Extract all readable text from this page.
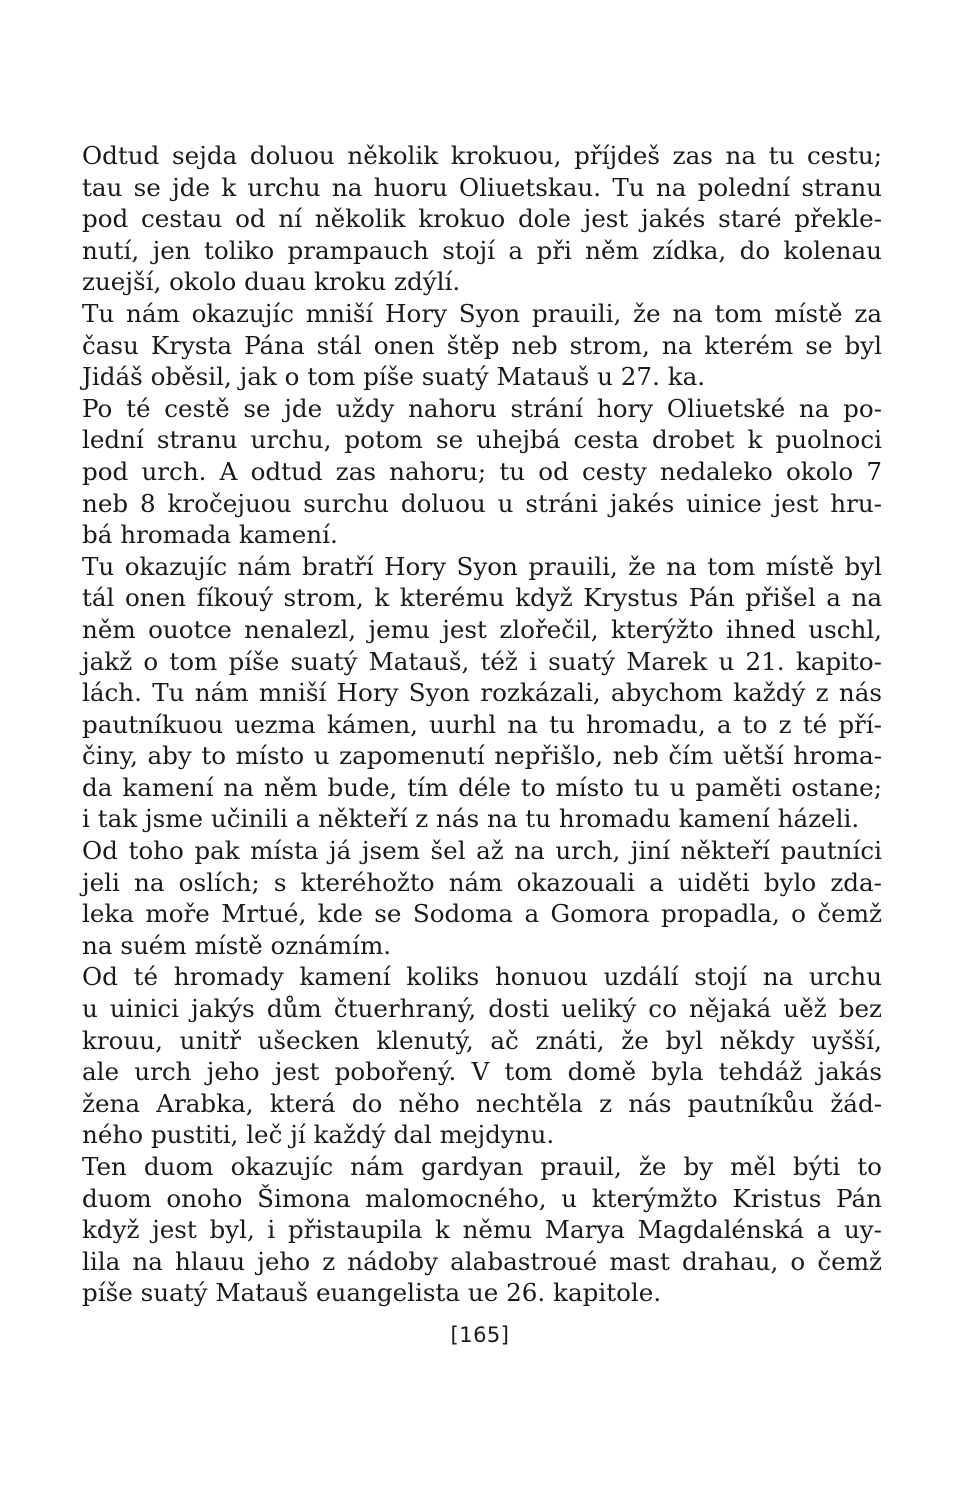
Odtud sejda doluou několik krokuou, příjdeš zas na tu cestu;
tau se jde k urchu na huoru Oliuetskau. Tu na polední stranu
pod cestau od ní několik krokuo dole jest jakés staré překle-
nutí, jen toliko prampauch stojí a při něm zídka, do kolenau
zuejší, okolo duau kroku zdýlí.

Tu nám okazujíc mniší Hory Syon prauili, že na tom místě za
času Krysta Pána stál onen štěp neb strom, na kterém se byl
Jidáš oběsil, jak o tom píše suatý Matauš u 27. ka.

Po té cestě se jde uždy nahoru strání hory Oliuetské na po-
lední stranu urchu, potom se uhejbá cesta drobet k puolnoci
pod urch. A odtud zas nahoru; tu od cesty nedaleko okolo 7
neb 8 kročejuou surchu doluou u stráni jakés uinice jest hru-
bá hromada kamení.

Tu okazujíc nám bratří Hory Syon prauili, že na tom místě byl
tál onen fíkouý strom, k kterému když Krystus Pán přišel a na
něm ouotce nenalezl, jemu jest zlořečil, kterýžto ihned uschl,
jakž o tom píše suatý Matauš, též i suatý Marek u 21. kapito-
lách. Tu nám mniší Hory Syon rozkázali, abychom každý z nás
pautníkuou uezma kámen, uurhl na tu hromadu, a to z té pří-
činy, aby to místo u zapomenutí nepřišlo, neb čím uětší hroma-
da kamení na něm bude, tím déle to místo tu u paměti ostane;
i tak jsme učinili a někteří z nás na tu hromadu kamení házeli.

Od toho pak místa já jsem šel až na urch, jiní někteří pautníci
jeli na oslích; s kteréhožto nám okazouali a uiděti bylo zda-
leka moře Mrtué, kde se Sodoma a Gomora propadla, o čemž
na suém místě oznámím.

Od té hromady kamení koliks honuou uzdálí stojí na urchu
u uinici jakýs dům čtuerhraný, dosti ueliký co nějaká uěž bez
krouu, unitř ušecken klenutý, ač znáti, že byl někdy uyšší,
ale urch jeho jest pobořený. V tom domě byla tehdáž jakás
žena Arabka, která do něho nechtěla z nás pautníkůu žád-
ného pustiti, leč jí každý dal mejdynu.

Ten duom okazujíc nám gardyan prauil, že by měl býti to
duom onoho Šimona malomocného, u kterýmžto Kristus Pán
když jest byl, i přistaupila k němu Marya Magdalénská a uy-
lila na hlauu jeho z nádoby alabastroué mast drahau, o čemž
píše suatý Matauš euangelista ue 26. kapitole.

[165]
